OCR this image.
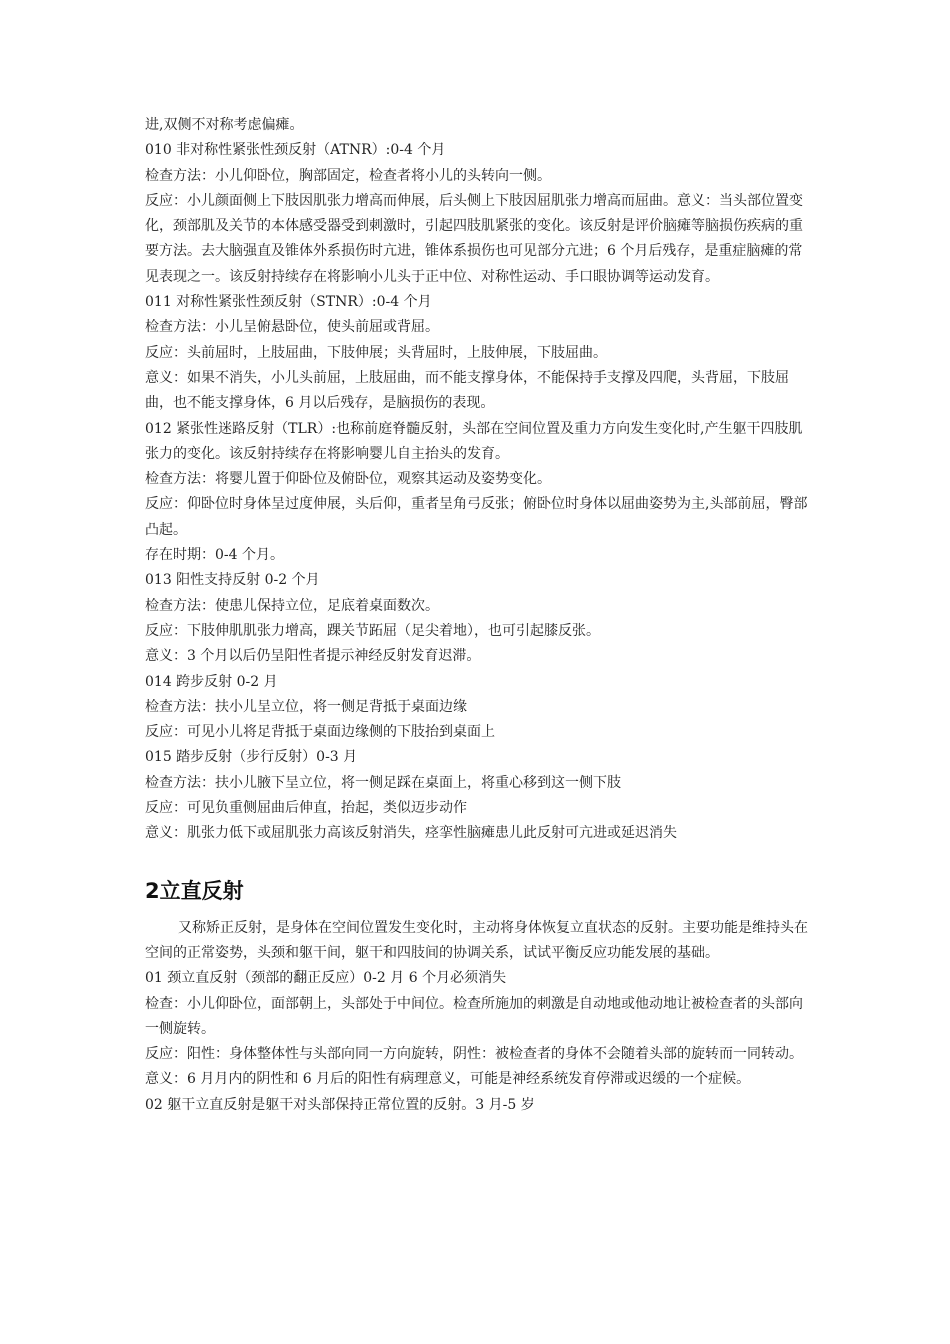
进,双侧不对称考虑偏瘫。

010 非对称性紧张性颈反射（ATNR）:0-4 个月

检查方法：小儿仰卧位，胸部固定，检查者将小儿的头转向一侧。

反应：小儿颜面侧上下肢因肌张力增高而伸展，后头侧上下肢因屈肌张力增高而屈曲。意义：当头部位置变化，颈部肌及关节的本体感受器受到刺激时，引起四肢肌紧张的变化。该反射是评价脑瘫等脑损伤疾病的重要方法。去大脑强直及锥体外系损伤时亢进，锥体系损伤也可见部分亢进；6 个月后残存，是重症脑瘫的常见表现之一。该反射持续存在将影响小儿头于正中位、对称性运动、手口眼协调等运动发育。

011 对称性紧张性颈反射（STNR）:0-4 个月

检查方法：小儿呈俯悬卧位，使头前屈或背屈。

反应：头前屈时，上肢屈曲，下肢伸展；头背屈时，上肢伸展，下肢屈曲。

意义：如果不消失，小儿头前屈，上肢屈曲，而不能支撑身体，不能保持手支撑及四爬，头背屈，下肢屈曲，也不能支撑身体，6 月以后残存，是脑损伤的表现。

012 紧张性迷路反射（TLR）:也称前庭脊髓反射，头部在空间位置及重力方向发生变化时,产生躯干四肢肌张力的变化。该反射持续存在将影响婴儿自主抬头的发育。

检查方法：将婴儿置于仰卧位及俯卧位，观察其运动及姿势变化。

反应：仰卧位时身体呈过度伸展，头后仰，重者呈角弓反张；俯卧位时身体以屈曲姿势为主,头部前屈，臀部凸起。

存在时期：0-4 个月。

013 阳性支持反射 0-2 个月

检查方法：使患儿保持立位，足底着桌面数次。

反应：下肢伸肌肌张力增高，踝关节跖屈（足尖着地），也可引起膝反张。

意义：3 个月以后仍呈阳性者提示神经反射发育迟滞。

014 跨步反射 0-2 月

检查方法：扶小儿呈立位，将一侧足背抵于桌面边缘

反应：可见小儿将足背抵于桌面边缘侧的下肢抬到桌面上

015 踏步反射（步行反射）0-3 月

检查方法：扶小儿腋下呈立位，将一侧足踩在桌面上，将重心移到这一侧下肢

反应：可见负重侧屈曲后伸直，抬起，类似迈步动作

意义：肌张力低下或屈肌张力高该反射消失，痉挛性脑瘫患儿此反射可亢进或延迟消失

2立直反射

又称矫正反射，是身体在空间位置发生变化时，主动将身体恢复立直状态的反射。主要功能是维持头在空间的正常姿势，头颈和躯干间，躯干和四肢间的协调关系，试试平衡反应功能发展的基础。

01 颈立直反射（颈部的翻正反应）0-2 月 6 个月必须消失

检查：小儿仰卧位，面部朝上，头部处于中间位。检查所施加的刺激是自动地或他动地让被检查者的头部向一侧旋转。

反应：阳性：身体整体性与头部向同一方向旋转，阴性：被检查者的身体不会随着头部的旋转而一同转动。

意义：6 月月内的阴性和 6 月后的阳性有病理意义，可能是神经系统发育停滞或迟缓的一个症候。

02 躯干立直反射是躯干对头部保持正常位置的反射。3 月-5 岁
